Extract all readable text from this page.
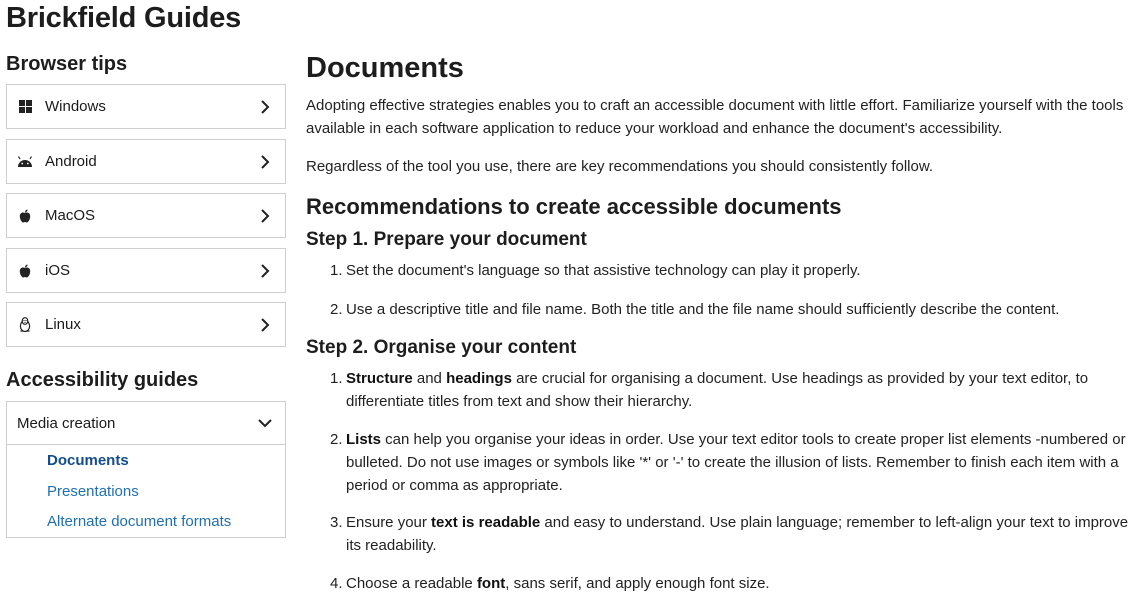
Brickfield Guides
Browser tips
Windows
Android
MacOS
iOS
Linux
Accessibility guides
Media creation
Documents
Presentations
Alternate document formats
Documents

Adopting effective strategies enables you to craft an accessible document with little effort. Familiarize yourself with the tools available in each software application to reduce your workload and enhance the document's accessibility.

Regardless of the tool you use, there are key recommendations you should consistently follow.

Recommendations to create accessible documents
Step 1. Prepare your document
1. Set the document's language so that assistive technology can play it properly.
2. Use a descriptive title and file name. Both the title and the file name should sufficiently describe the content.
Step 2. Organise your content
1. Structure and headings are crucial for organising a document. Use headings as provided by your text editor, to differentiate titles from text and show their hierarchy.
2. Lists can help you organise your ideas in order. Use your text editor tools to create proper list elements -numbered or bulleted. Do not use images or symbols like '*' or '-' to create the illusion of lists. Remember to finish each item with a period or comma as appropriate.
3. Ensure your text is readable and easy to understand. Use plain language; remember to left-align your text to improve its readability.
4. Choose a readable font, sans serif, and apply enough font size.
